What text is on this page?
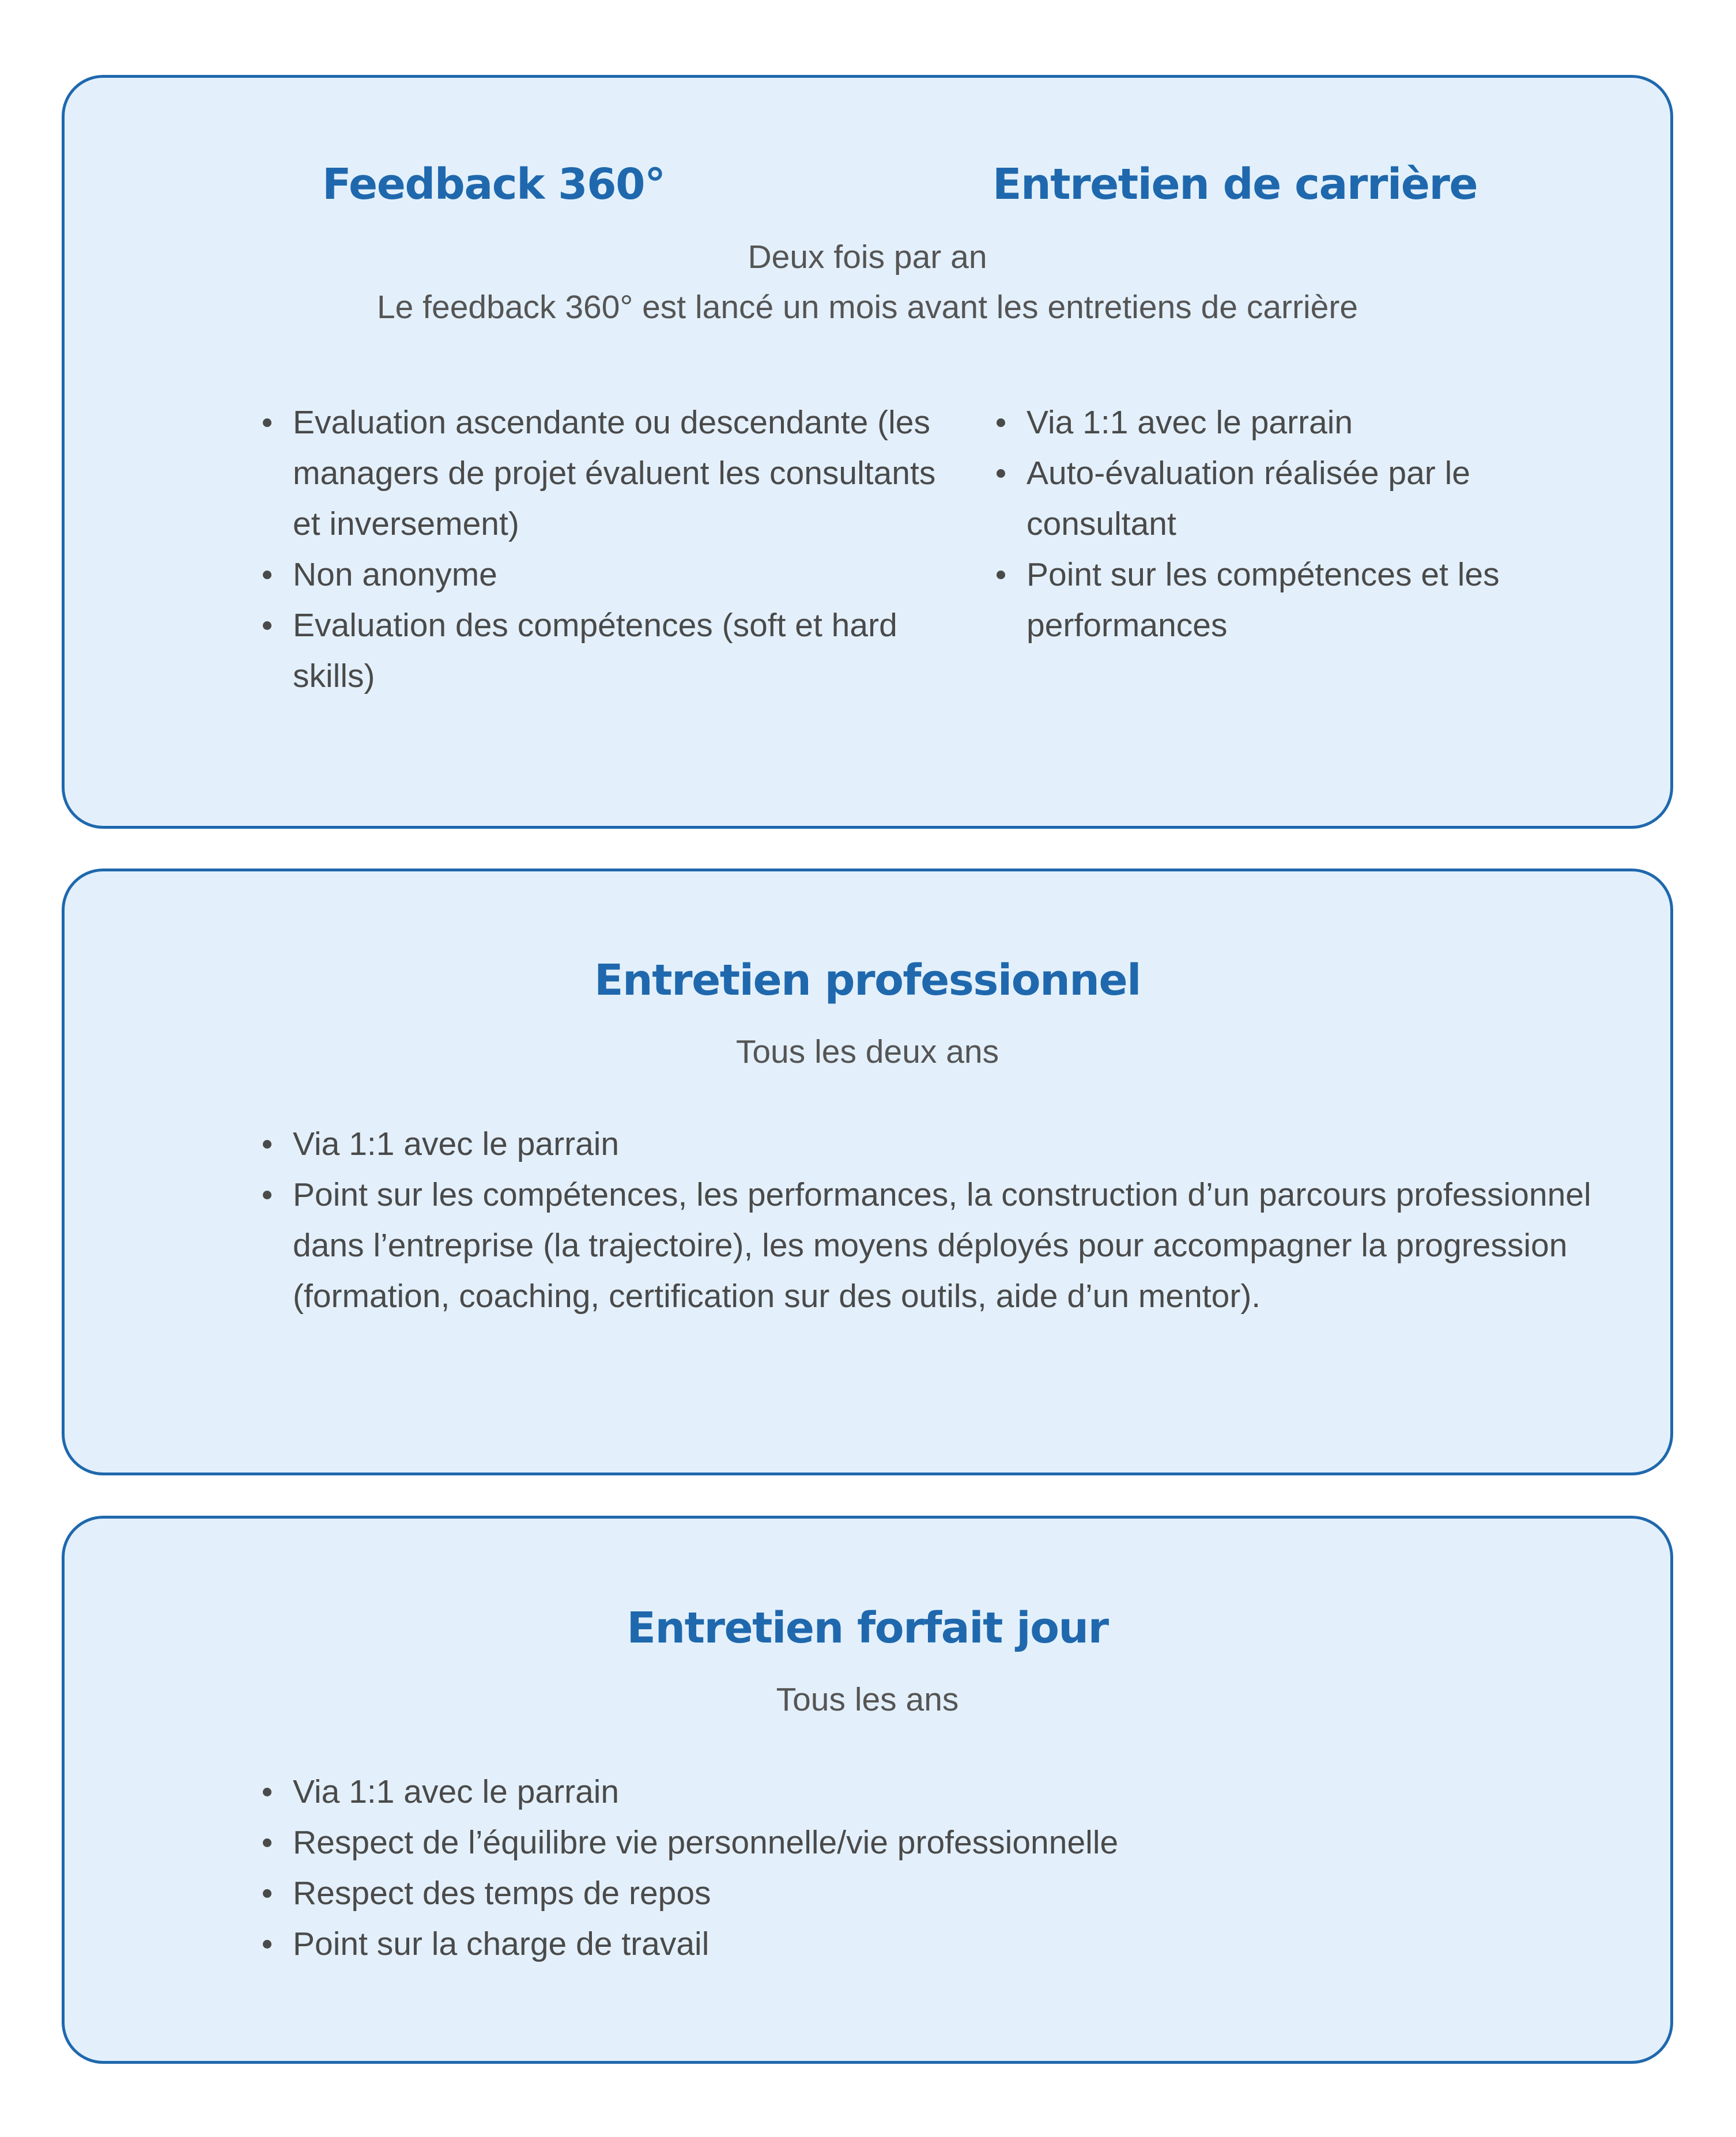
Feedback 360°	Entretien de carrière
Deux fois par an
Le feedback 360° est lancé un mois avant les entretiens de carrière
Evaluation ascendante ou descendante (les managers de projet évaluent les consultants et inversement)
Non anonyme
Evaluation des compétences (soft et hard skills)
Via 1:1 avec le parrain
Auto-évaluation réalisée par le consultant
Point sur les compétences et les performances
Entretien professionnel
Tous les deux ans
Via 1:1 avec le parrain
Point sur les compétences, les performances, la construction d’un parcours professionnel dans l’entreprise (la trajectoire), les moyens déployés pour accompagner la progression (formation, coaching, certification sur des outils, aide d’un mentor).
Entretien forfait jour
Tous les ans
Via 1:1 avec le parrain
Respect de l’équilibre vie personnelle/vie professionnelle
Respect des temps de repos
Point sur la charge de travail
